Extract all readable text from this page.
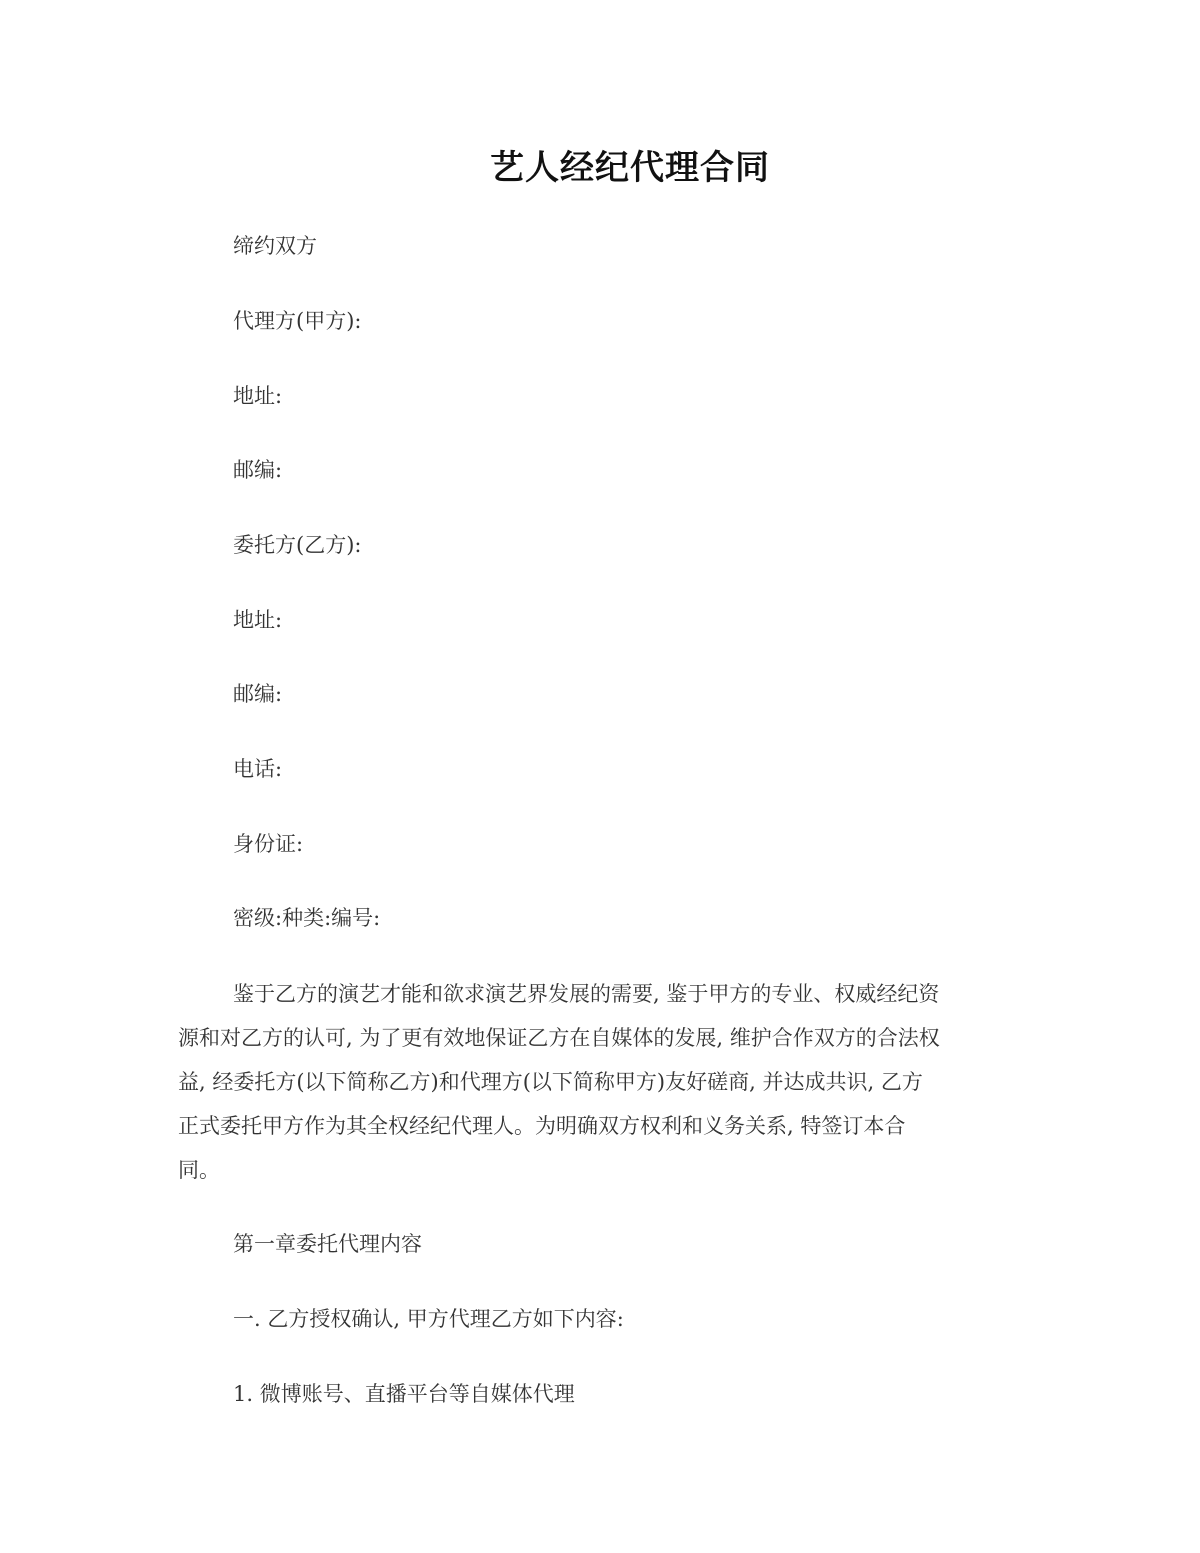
艺人经纪代理合同
缔约双方
代理方(甲方):
地址:
邮编:
委托方(乙方):
地址:
邮编:
电话:
身份证:
密级:种类:编号:
鉴于乙方的演艺才能和欲求演艺界发展的需要, 鉴于甲方的专业、权威经纪资
源和对乙方的认可, 为了更有效地保证乙方在自媒体的发展, 维护合作双方的合法权
益, 经委托方(以下简称乙方)和代理方(以下简称甲方)友好磋商, 并达成共识, 乙方
正式委托甲方作为其全权经纪代理人。为明确双方权利和义务关系, 特签订本合
同。
第一章委托代理内容
一. 乙方授权确认, 甲方代理乙方如下内容:
1. 微博账号、直播平台等自媒体代理
